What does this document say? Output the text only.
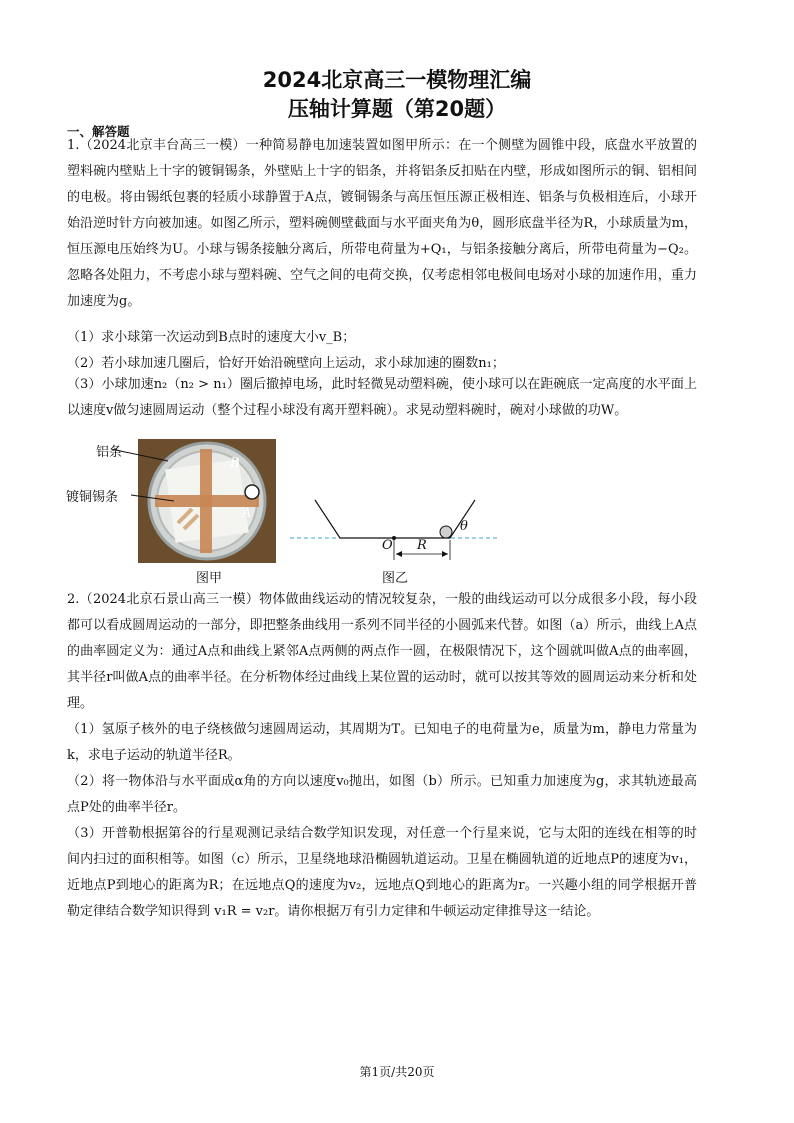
2024北京高三一模物理汇编
压轴计算题（第20题）
一、解答题

1.（2024北京丰台高三一模）一种简易静电加速装置如图甲所示：在一个侧壁为圆锥中段，底盘水平放置的塑料碗内壁贴上十字的镀铜锡条，外壁贴上十字的铝条，并将铝条反扣贴在内壁，形成如图所示的铜、铝相间的电极。将由锡纸包裹的轻质小球静置于A点，镀铜锡条与高压恒压源正极相连、铝条与负极相连后，小球开始沿逆时针方向被加速。如图乙所示，塑料碗侧壁截面与水平面夹角为θ，圆形底盘半径为R，小球质量为m，恒压源电压始终为U。小球与锡条接触分离后，所带电荷量为+Q₁，与铝条接触分离后，所带电荷量为−Q₂。忽略各处阻力，不考虑小球与塑料碗、空气之间的电荷交换，仅考虑相邻电极间电场对小球的加速作用，重力加速度为g。

（1）求小球第一次运动到B点时的速度大小v_B；
（2）若小球加速几圈后，恰好开始沿碗壁向上运动，求小球加速的圈数n₁；

（3）小球加速n₂（n₂ > n₁）圈后撤掉电场，此时轻微晃动塑料碗，使小球可以在距碗底一定高度的水平面上以速度v做匀速圆周运动（整个过程小球没有离开塑料碗）。求晃动塑料碗时，碗对小球做的功W。

铝条
镀铜锡条
B
A
图甲
O R
θ
图乙

2.（2024北京石景山高三一模）物体做曲线运动的情况较复杂，一般的曲线运动可以分成很多小段，每小段都可以看成圆周运动的一部分，即把整条曲线用一系列不同半径的小圆弧来代替。如图（a）所示，曲线上A点的曲率圆定义为：通过A点和曲线上紧邻A点两侧的两点作一圆，在极限情况下，这个圆就叫做A点的曲率圆，其半径r叫做A点的曲率半径。在分析物体经过曲线上某位置的运动时，就可以按其等效的圆周运动来分析和处理。

（1）氢原子核外的电子绕核做匀速圆周运动，其周期为T。已知电子的电荷量为e，质量为m，静电力常量为k，求电子运动的轨道半径R。

（2）将一物体沿与水平面成α角的方向以速度v₀抛出，如图（b）所示。已知重力加速度为g，求其轨迹最高点P处的曲率半径r。

（3）开普勒根据第谷的行星观测记录结合数学知识发现，对任意一个行星来说，它与太阳的连线在相等的时间内扫过的面积相等。如图（c）所示，卫星绕地球沿椭圆轨道运动。卫星在椭圆轨道的近地点P的速度为v₁，近地点P到地心的距离为R；在远地点Q的速度为v₂，远地点Q到地心的距离为r。一兴趣小组的同学根据开普勒定律结合数学知识得到 v₁R = v₂r。请你根据万有引力定律和牛顿运动定律推导这一结论。

第1页/共20页
